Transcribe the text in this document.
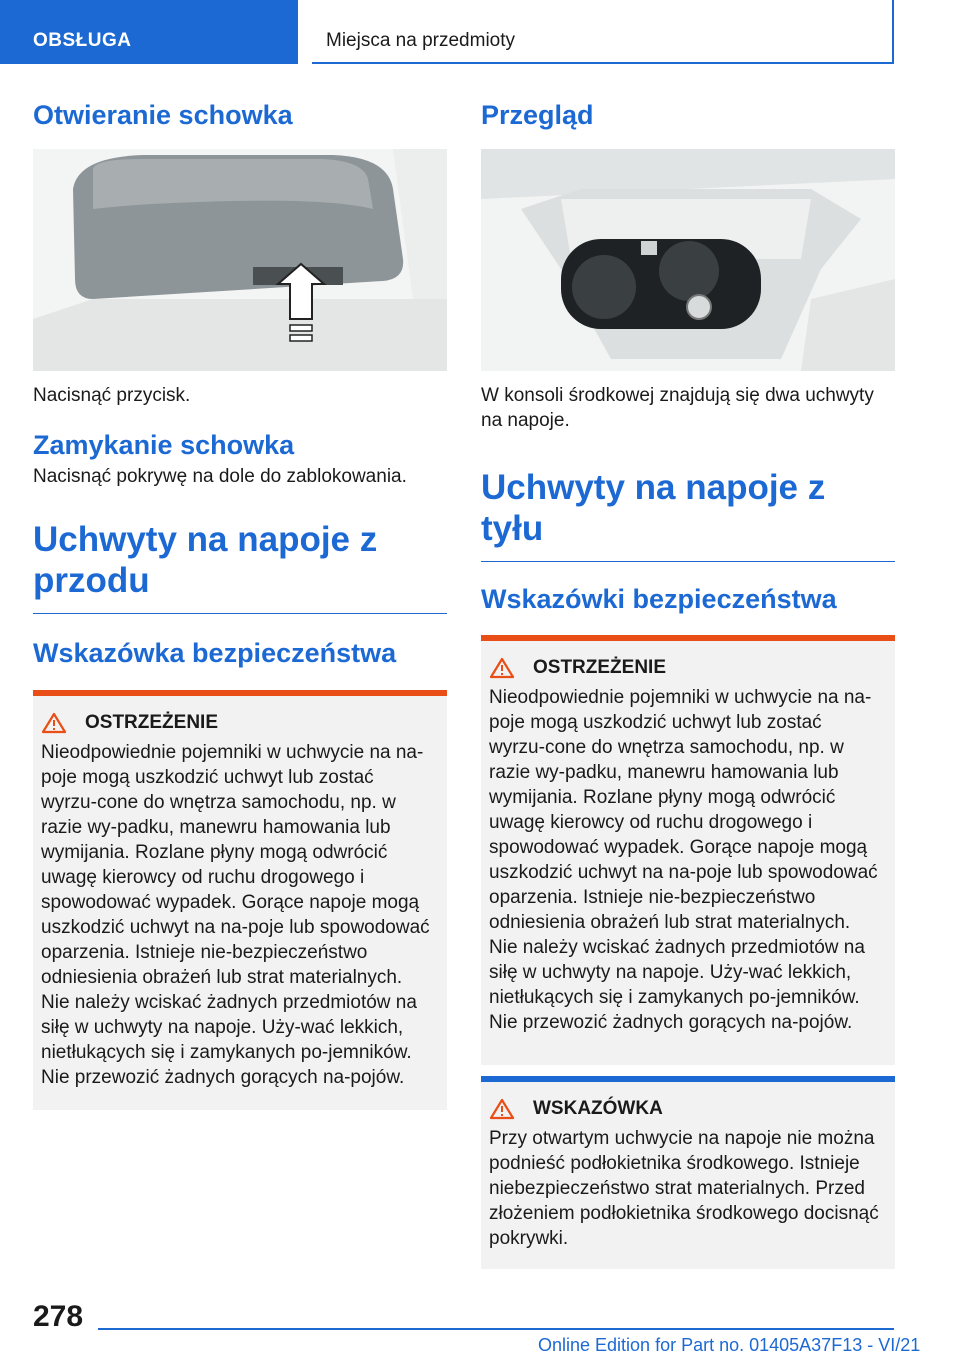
OBSŁUGA	Miejsca na przedmioty
Otwieranie schowka

Nacisnąć przycisk.

Zamykanie schowka

Nacisnąć pokrywę na dole do zablokowania.

Uchwyty na napoje z przodu
Wskazówka bezpieczeństwa
OSTRZEŻENIE

Nieodpowiednie pojemniki w uchwycie na na-poje mogą uszkodzić uchwyt lub zostać wyrzu-cone do wnętrza samochodu, np. w razie wy-padku, manewru hamowania lub wymijania. Rozlane płyny mogą odwrócić uwagę kierowcy od ruchu drogowego i spowodować wypadek. Gorące napoje mogą uszkodzić uchwyt na na-poje lub spowodować oparzenia. Istnieje nie-bezpieczeństwo odniesienia obrażeń lub strat materialnych. Nie należy wciskać żadnych przedmiotów na siłę w uchwyty na napoje. Uży-wać lekkich, nietłukących się i zamykanych po-jemników. Nie przewozić żadnych gorących na-pojów.

Przegląd

W konsoli środkowej znajdują się dwa uchwyty na napoje.

Uchwyty na napoje z tyłu
Wskazówki bezpieczeństwa
OSTRZEŻENIE

Nieodpowiednie pojemniki w uchwycie na na-poje mogą uszkodzić uchwyt lub zostać wyrzu-cone do wnętrza samochodu, np. w razie wy-padku, manewru hamowania lub wymijania. Rozlane płyny mogą odwrócić uwagę kierowcy od ruchu drogowego i spowodować wypadek. Gorące napoje mogą uszkodzić uchwyt na na-poje lub spowodować oparzenia. Istnieje nie-bezpieczeństwo odniesienia obrażeń lub strat materialnych. Nie należy wciskać żadnych przedmiotów na siłę w uchwyty na napoje. Uży-wać lekkich, nietłukących się i zamykanych po-jemników. Nie przewozić żadnych gorących na-pojów.

WSKAZÓWKA

Przy otwartym uchwycie na napoje nie można podnieść podłokietnika środkowego. Istnieje niebezpieczeństwo strat materialnych. Przed złożeniem podłokietnika środkowego docisnąć pokrywki.

278
Online Edition for Part no. 01405A37F13 - VI/21
